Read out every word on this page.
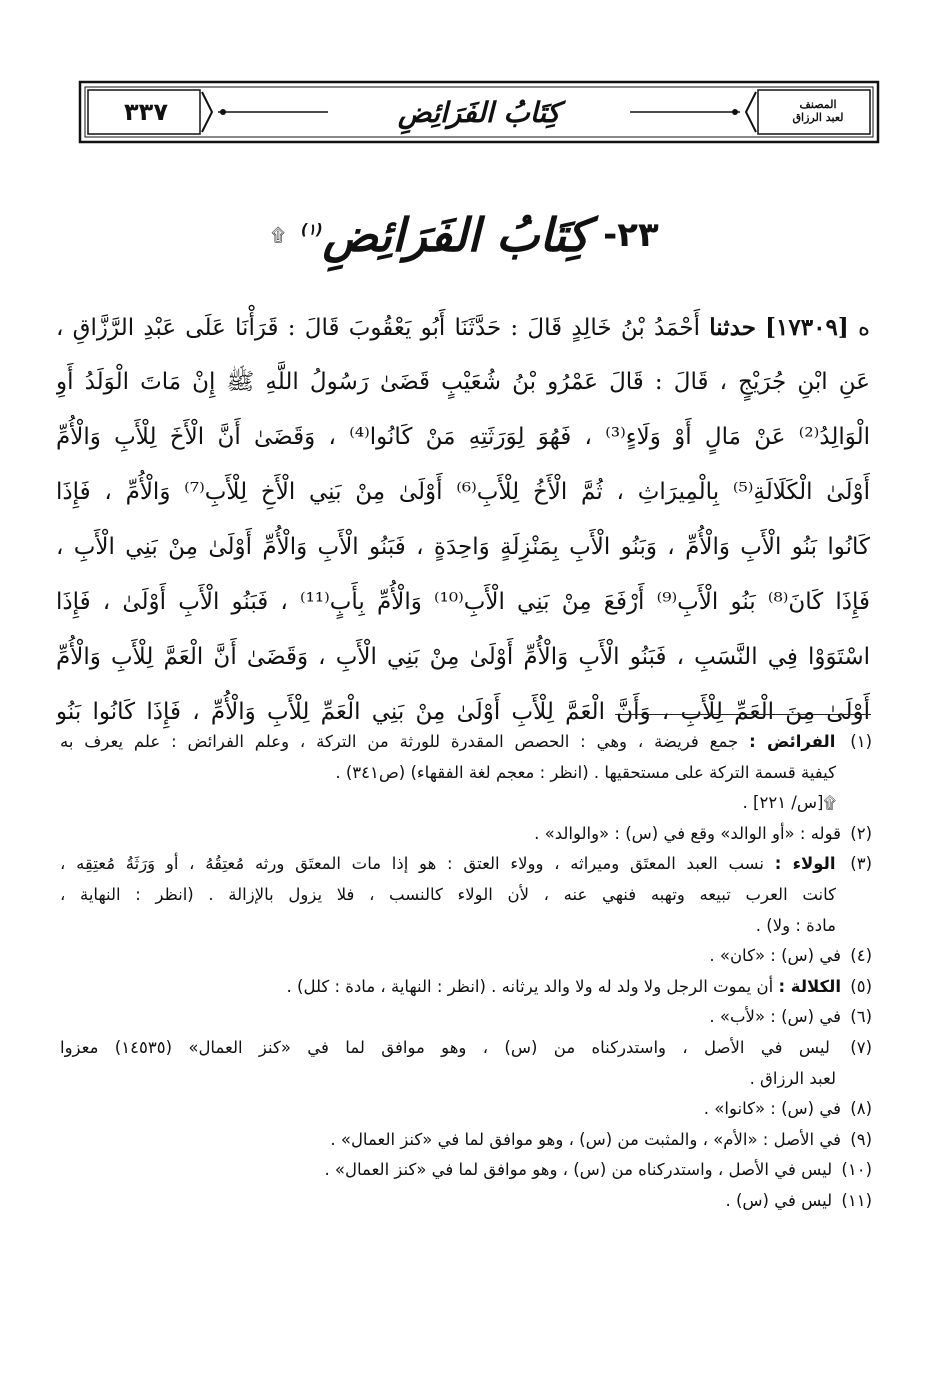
٣٣٧	كِتَابُ الفَرَائِضِ	المصنف
لعبد الرزاق
٢٣-
كِتَابُ الفَرَائِضِ$^{(١)}$
۩
ه [١٧٣٠٩] حدثنا أَحْمَدُ بْنُ خَالِدٍ قَالَ : حَدَّثَنَا أَبُو يَعْقُوبَ قَالَ : قَرَأْنَا عَلَى عَبْدِ الرَّزَّاقِ ،
عَنِ ابْنِ جُرَيْجٍ ، قَالَ : قَالَ عَمْرُو بْنُ شُعَيْبٍ قَضَىٰ رَسُولُ اللَّهِ ﷺ إِنْ مَاتَ الْوَلَدُ أَوِ
الْوَالِدُ⁽²⁾ عَنْ مَالٍ أَوْ وَلَاءٍ⁽³⁾ ، فَهُوَ لِوَرَثَتِهِ مَنْ كَانُوا⁽⁴⁾ ، وَقَضَىٰ أَنَّ الْأَخَ لِلْأَبِ وَالْأُمِّ
أَوْلَىٰ الْكَلَالَةِ⁽⁵⁾ بِالْمِيرَاثِ ، ثُمَّ الْأَخُ لِلْأَبِ⁽⁶⁾ أَوْلَىٰ مِنْ بَنِي الْأَخِ لِلْأَبِ⁽⁷⁾ وَالْأُمِّ ، فَإِذَا
كَانُوا بَنُو الْأَبِ وَالْأُمِّ ، وَبَنُو الْأَبِ بِمَنْزِلَةٍ وَاحِدَةٍ ، فَبَنُو الْأَبِ وَالْأُمِّ أَوْلَىٰ مِنْ بَنِي الْأَبِ ،
فَإِذَا كَانَ⁽⁸⁾ بَنُو الْأَبِ⁽⁹⁾ أَرْفَعَ مِنْ بَنِي الْأَبِ⁽¹⁰⁾ وَالْأُمِّ بِأَبٍ⁽¹¹⁾ ، فَبَنُو الْأَبِ أَوْلَىٰ ، فَإِذَا
اسْتَوَوْا فِي النَّسَبِ ، فَبَنُو الْأَبِ وَالْأُمِّ أَوْلَىٰ مِنْ بَنِي الْأَبِ ، وَقَضَىٰ أَنَّ الْعَمَّ لِلْأَبِ وَالْأُمِّ
أَوْلَىٰ مِنَ الْعَمِّ لِلْأَبِ ، وَأَنَّ الْعَمَّ لِلْأَبِ أَوْلَىٰ مِنْ بَنِي الْعَمِّ لِلْأَبِ وَالْأُمِّ ، فَإِذَا كَانُوا بَنُو
(١) الفرائض : جمع فريضة ، وهي : الحصص المقدرة للورثة من التركة ، وعلم الفرائض : علم يعرف به
كيفية قسمة التركة على مستحقيها . (انظر : معجم لغة الفقهاء) (ص٣٤١) .
۩[س/ ٢٢١] .
(٢) قوله : «أو الوالد» وقع في (س) : «والوالد» .
(٣) الولاء : نسب العبد المعتَق وميراثه ، وولاء العتق : هو إذا مات المعتَق ورثه مُعتِقُهُ ، أو وَرَثَةُ مُعتِقِه ،
كانت العرب تبيعه وتهبه فنهي عنه ، لأن الولاء كالنسب ، فلا يزول بالإزالة . (انظر : النهاية ،
مادة : ولا) .
(٤) في (س) : «كان» .
(٥) الكلالة : أن يموت الرجل ولا ولد له ولا والد يرثانه . (انظر : النهاية ، مادة : كلل) .
(٦) في (س) : «لأب» .
(٧) ليس في الأصل ، واستدركناه من (س) ، وهو موافق لما في «كنز العمال» (١٤٥٣٥) معزوا
لعبد الرزاق .
(٨) في (س) : «كانوا» .
(٩) في الأصل : «الأم» ، والمثبت من (س) ، وهو موافق لما في «كنز العمال» .
(١٠) ليس في الأصل ، واستدركناه من (س) ، وهو موافق لما في «كنز العمال» .
(١١) ليس في (س) .
